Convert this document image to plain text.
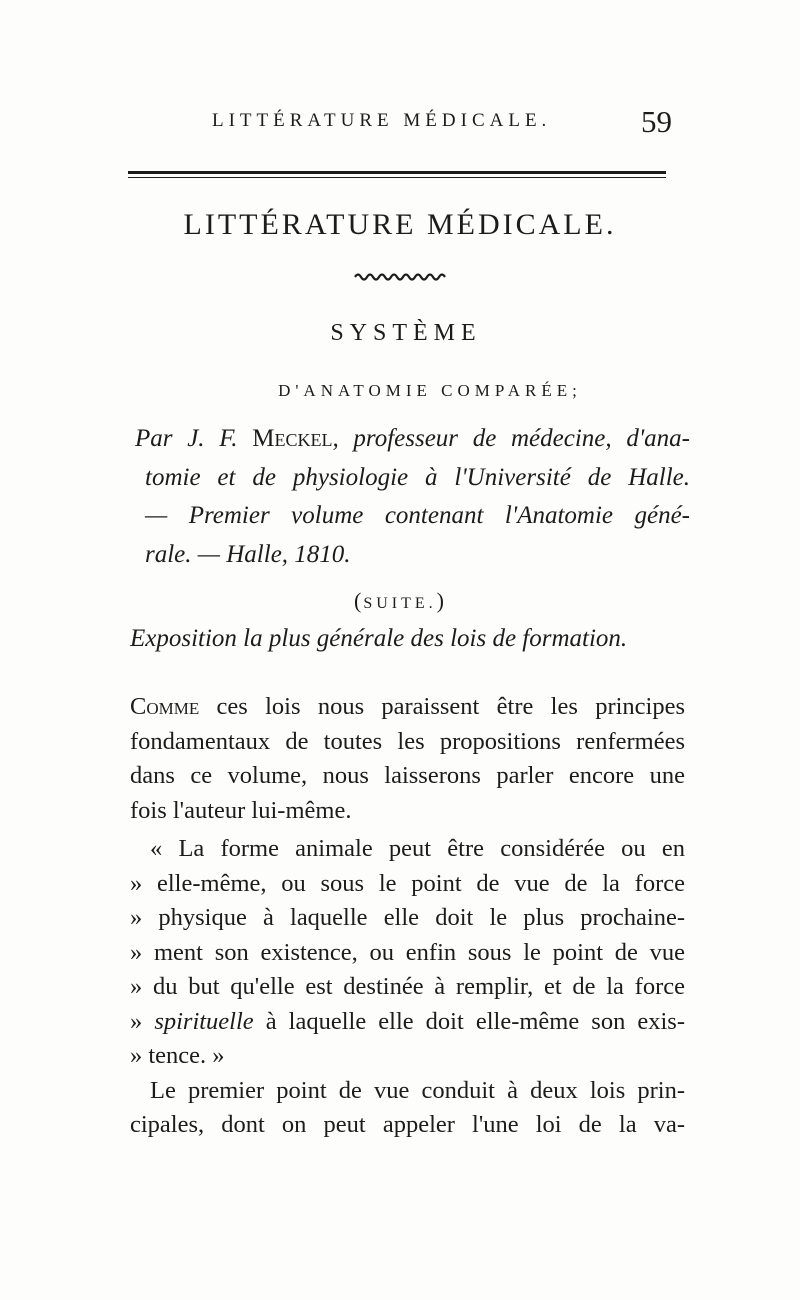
LITTÉRATURE MÉDICALE.	59
LITTÉRATURE MÉDICALE.
SYSTÈME
D'ANATOMIE COMPARÉE;
Par J. F. Meckel, professeur de médecine, d'ana-
tomie et de physiologie à l'Université de Halle.
— Premier volume contenant l'Anatomie géné-
rale. — Halle, 1810.
(SUITE.)
Exposition la plus générale des lois de formation.
Comme ces lois nous paraissent être les principes
fondamentaux de toutes les propositions renfermées
dans ce volume, nous laisserons parler encore une
fois l'auteur lui-même.
« La forme animale peut être considérée ou en
» elle-même, ou sous le point de vue de la force
» physique à laquelle elle doit le plus prochaine-
» ment son existence, ou enfin sous le point de vue
» du but qu'elle est destinée à remplir, et de la force
» spirituelle à laquelle elle doit elle-même son exis-
» tence. »
Le premier point de vue conduit à deux lois prin-
cipales, dont on peut appeler l'une loi de la va-
